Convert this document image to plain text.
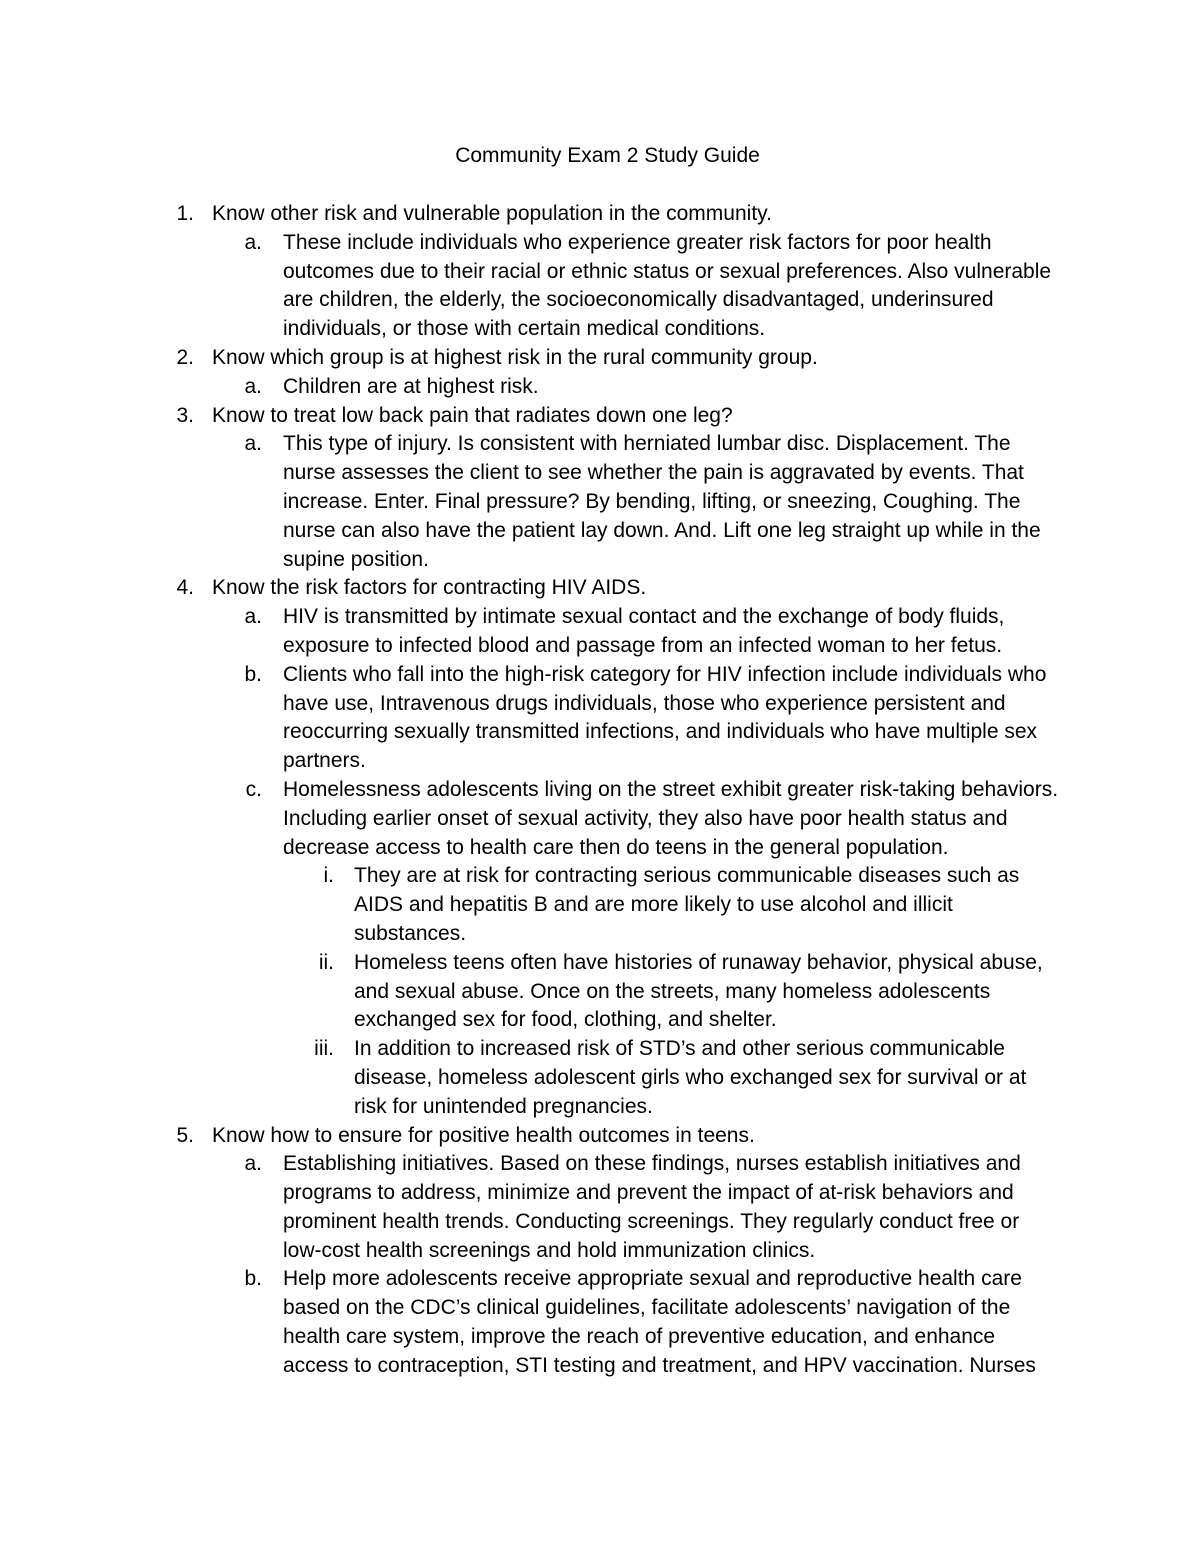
Community Exam 2 Study Guide
1. Know other risk and vulnerable population in the community.
a. These include individuals who experience greater risk factors for poor health outcomes due to their racial or ethnic status or sexual preferences. Also vulnerable are children, the elderly, the socioeconomically disadvantaged, underinsured individuals, or those with certain medical conditions.
2. Know which group is at highest risk in the rural community group.
a. Children are at highest risk.
3. Know to treat low back pain that radiates down one leg?
a. This type of injury. Is consistent with herniated lumbar disc. Displacement. The nurse assesses the client to see whether the pain is aggravated by events. That increase. Enter. Final pressure? By bending, lifting, or sneezing, Coughing. The nurse can also have the patient lay down. And. Lift one leg straight up while in the supine position.
4. Know the risk factors for contracting HIV AIDS.
a. HIV is transmitted by intimate sexual contact and the exchange of body fluids, exposure to infected blood and passage from an infected woman to her fetus.
b. Clients who fall into the high-risk category for HIV infection include individuals who have use, Intravenous drugs individuals, those who experience persistent and reoccurring sexually transmitted infections, and individuals who have multiple sex partners.
c. Homelessness adolescents living on the street exhibit greater risk-taking behaviors. Including earlier onset of sexual activity, they also have poor health status and decrease access to health care then do teens in the general population.
i. They are at risk for contracting serious communicable diseases such as AIDS and hepatitis B and are more likely to use alcohol and illicit substances.
ii. Homeless teens often have histories of runaway behavior, physical abuse, and sexual abuse. Once on the streets, many homeless adolescents exchanged sex for food, clothing, and shelter.
iii. In addition to increased risk of STD’s and other serious communicable disease, homeless adolescent girls who exchanged sex for survival or at risk for unintended pregnancies.
5. Know how to ensure for positive health outcomes in teens.
a. Establishing initiatives. Based on these findings, nurses establish initiatives and programs to address, minimize and prevent the impact of at-risk behaviors and prominent health trends. Conducting screenings. They regularly conduct free or low-cost health screenings and hold immunization clinics.
b. Help more adolescents receive appropriate sexual and reproductive health care based on the CDC’s clinical guidelines, facilitate adolescents’ navigation of the health care system, improve the reach of preventive education, and enhance access to contraception, STI testing and treatment, and HPV vaccination. Nurses
